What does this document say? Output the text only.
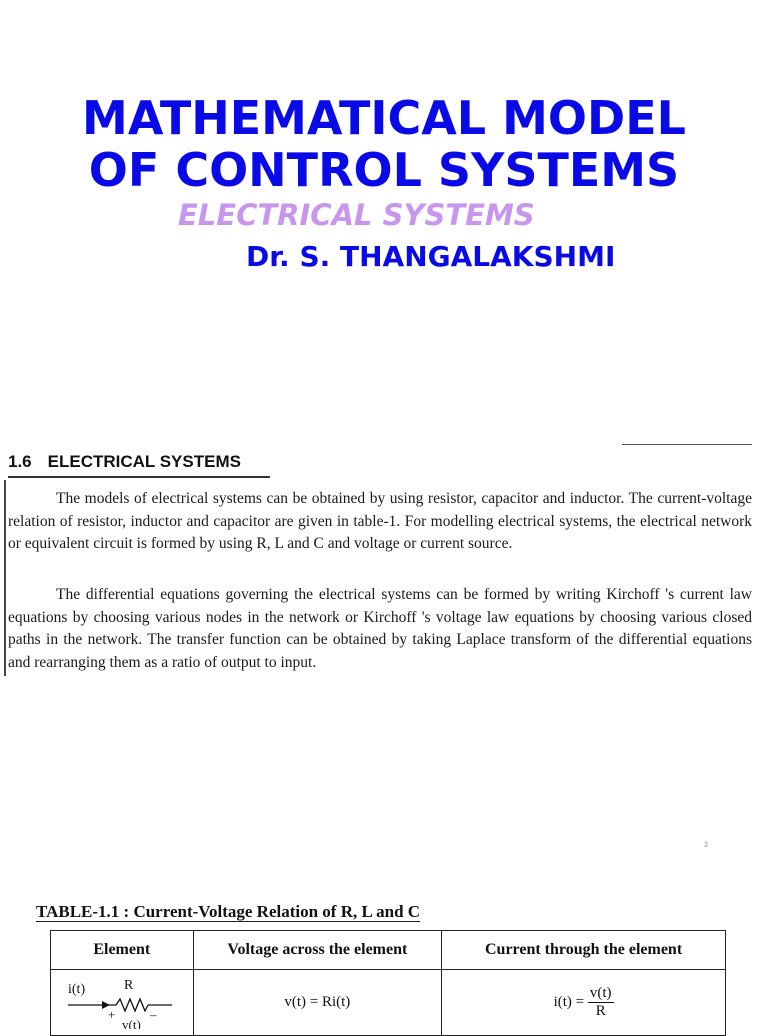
MATHEMATICAL MODEL

OF CONTROL SYSTEMS

ELECTRICAL SYSTEMS
Dr. S. THANGALAKSHMI
1.6 ELECTRICAL SYSTEMS

The models of electrical systems can be obtained by using resistor, capacitor and inductor. The current-voltage relation of resistor, inductor and capacitor are given in table-1. For modelling electrical systems, the electrical network or equivalent circuit is formed by using R, L and C and voltage or current source.

The differential equations governing the electrical systems can be formed by writing Kirchoff 's current law equations by choosing various nodes in the network or Kirchoff 's voltage law equations by choosing various closed paths in the network. The transfer function can be obtained by taking Laplace transform of the differential equations and rearranging them as a ratio of output to input.

2
TABLE-1.1 : Current-Voltage Relation of R, L and C
Element	Voltage across the element	Current through the element

i(t) R
+ –
v(t)	v(t) = Ri(t)	$i(t) = \frac{v(t)}{R}$
